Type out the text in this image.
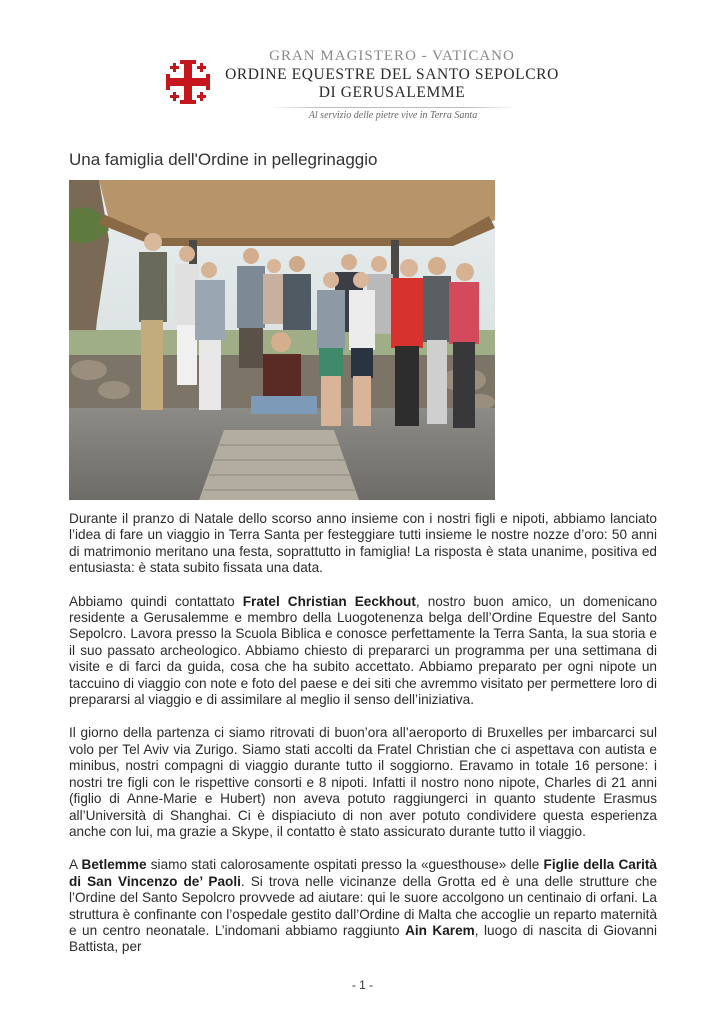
GRAN MAGISTERO - VATICANO
ORDINE EQUESTRE DEL SANTO SEPOLCRO
DI GERUSALEMME
Al servizio delle pietre vive in Terra Santa
Una famiglia dell'Ordine in pellegrinaggio

Durante il pranzo di Natale dello scorso anno insieme con i nostri figli e nipoti, abbiamo lanciato l’idea di fare un viaggio in Terra Santa per festeggiare tutti insieme le nostre nozze d’oro: 50 anni di matrimonio meritano una festa, soprattutto in famiglia! La risposta è stata unanime, positiva ed entusiasta: è stata subito fissata una data.

Abbiamo quindi contattato Fratel Christian Eeckhout, nostro buon amico, un domenicano residente a Gerusalemme e membro della Luogotenenza belga dell’Ordine Equestre del Santo Sepolcro. Lavora presso la Scuola Biblica e conosce perfettamente la Terra Santa, la sua storia e il suo passato archeologico. Abbiamo chiesto di prepararci un programma per una settimana di visite e di farci da guida, cosa che ha subito accettato. Abbiamo preparato per ogni nipote un taccuino di viaggio con note e foto del paese e dei siti che avremmo visitato per permettere loro di prepararsi al viaggio e di assimilare al meglio il senso dell’iniziativa.

Il giorno della partenza ci siamo ritrovati di buon’ora all’aeroporto di Bruxelles per imbarcarci sul volo per Tel Aviv via Zurigo. Siamo stati accolti da Fratel Christian che ci aspettava con autista e minibus, nostri compagni di viaggio durante tutto il soggiorno. Eravamo in totale 16 persone: i nostri tre figli con le rispettive consorti e 8 nipoti. Infatti il nostro nono nipote, Charles di 21 anni (figlio di Anne-Marie e Hubert) non aveva potuto raggiungerci in quanto studente Erasmus all’Università di Shanghai. Ci è dispiaciuto di non aver potuto condividere questa esperienza anche con lui, ma grazie a Skype, il contatto è stato assicurato durante tutto il viaggio.

A Betlemme siamo stati calorosamente ospitati presso la «guesthouse» delle Figlie della Carità di San Vincenzo de’ Paoli. Si trova nelle vicinanze della Grotta ed è una delle strutture che l’Ordine del Santo Sepolcro provvede ad aiutare: qui le suore accolgono un centinaio di orfani. La struttura è confinante con l’ospedale gestito dall’Ordine di Malta che accoglie un reparto maternità e un centro neonatale. L’indomani abbiamo raggiunto Ain Karem, luogo di nascita di Giovanni Battista, per

- 1 -
